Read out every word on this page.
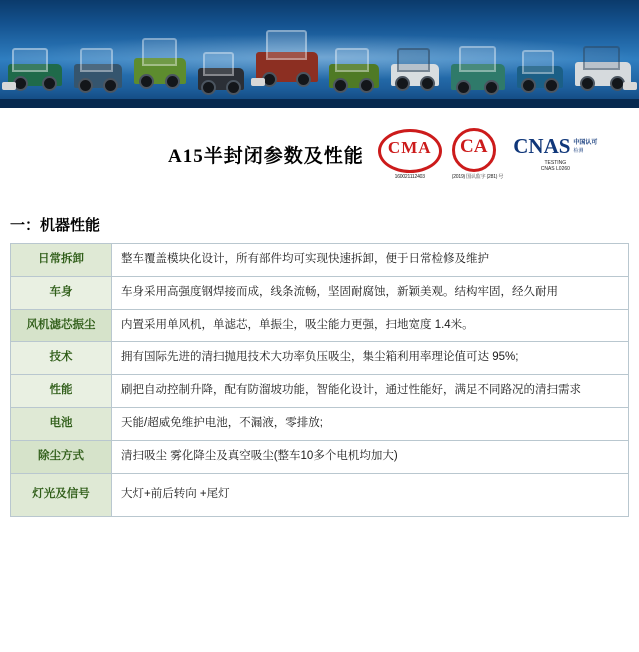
A15半封闭参数及性能	CMA
160021112403
CA
(2019) 国认监字 (281) 号
CNAS 中国认可
检测
TESTING
CNAS L0260
一：机器性能
日常拆卸	整车覆盖模块化设计，所有部件均可实现快速拆卸，便于日常检修及维护
车身	车身采用高强度钢焊接而成，线条流畅，坚固耐腐蚀，新颖美观。结构牢固，经久耐用
风机滤芯振尘	内置采用单风机，单滤芯，单振尘，吸尘能力更强，扫地宽度 1.4米。
技术	拥有国际先进的清扫抛甩技术大功率负压吸尘，集尘箱利用率理论值可达 95%;
性能	刷把自动控制升降，配有防溜坡功能，智能化设计，通过性能好，满足不同路况的清扫需求
电池	天能/超威免维护电池，不漏液，零排放;
除尘方式	清扫吸尘 雾化降尘及真空吸尘(整车10多个电机均加大)
灯光及信号	大灯+前后转向 +尾灯
